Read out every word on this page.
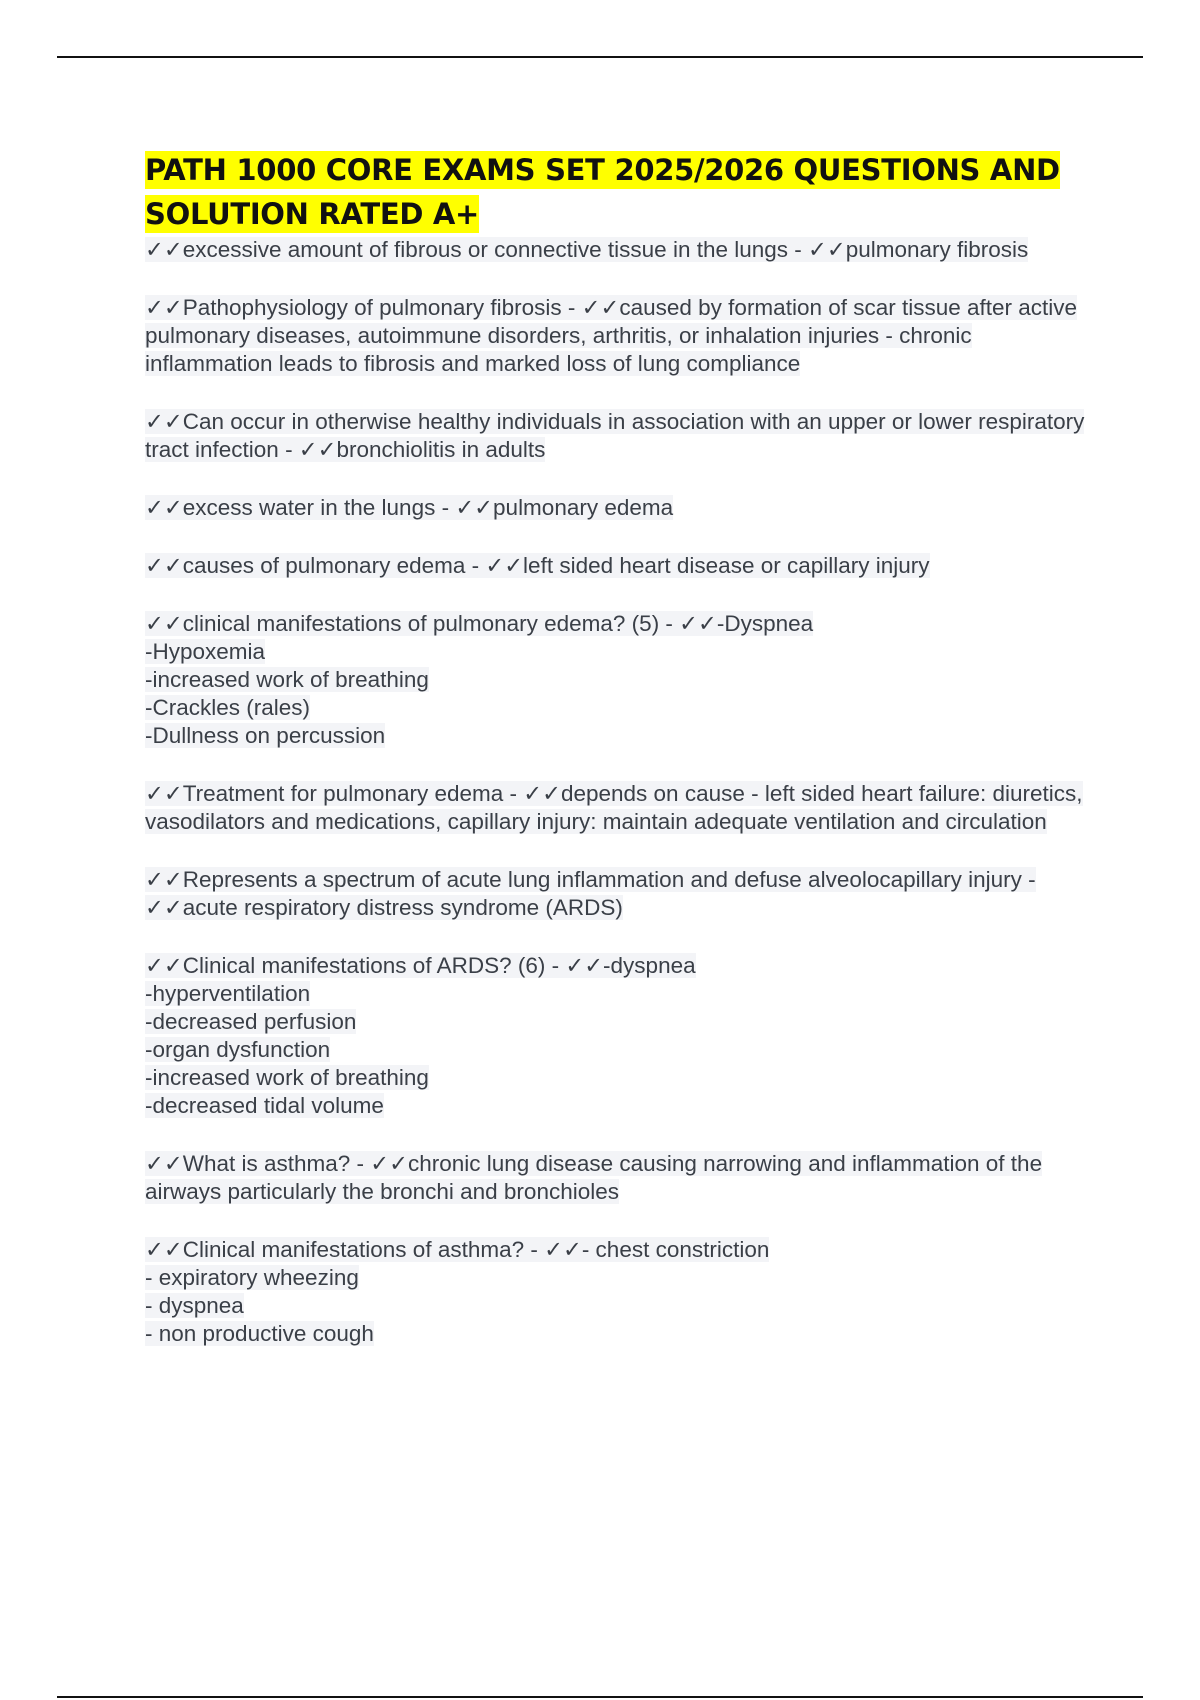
PATH 1000 CORE EXAMS SET 2025/2026 QUESTIONS AND SOLUTION RATED A+
✓✓excessive amount of fibrous or connective tissue in the lungs - ✓✓pulmonary fibrosis
✓✓Pathophysiology of pulmonary fibrosis - ✓✓caused by formation of scar tissue after active pulmonary diseases, autoimmune disorders, arthritis, or inhalation injuries - chronic inflammation leads to fibrosis and marked loss of lung compliance
✓✓Can occur in otherwise healthy individuals in association with an upper or lower respiratory tract infection - ✓✓bronchiolitis in adults
✓✓excess water in the lungs - ✓✓pulmonary edema
✓✓causes of pulmonary edema - ✓✓left sided heart disease or capillary injury
✓✓clinical manifestations of pulmonary edema? (5) - ✓✓-Dyspnea
-Hypoxemia
-increased work of breathing
-Crackles (rales)
-Dullness on percussion
✓✓Treatment for pulmonary edema - ✓✓depends on cause - left sided heart failure: diuretics, vasodilators and medications, capillary injury: maintain adequate ventilation and circulation
✓✓Represents a spectrum of acute lung inflammation and defuse alveolocapillary injury - ✓✓acute respiratory distress syndrome (ARDS)
✓✓Clinical manifestations of ARDS? (6) - ✓✓-dyspnea
-hyperventilation
-decreased perfusion
-organ dysfunction
-increased work of breathing
-decreased tidal volume
✓✓What is asthma? - ✓✓chronic lung disease causing narrowing and inflammation of the airways particularly the bronchi and bronchioles
✓✓Clinical manifestations of asthma? - ✓✓- chest constriction
- expiratory wheezing
- dyspnea
- non productive cough
